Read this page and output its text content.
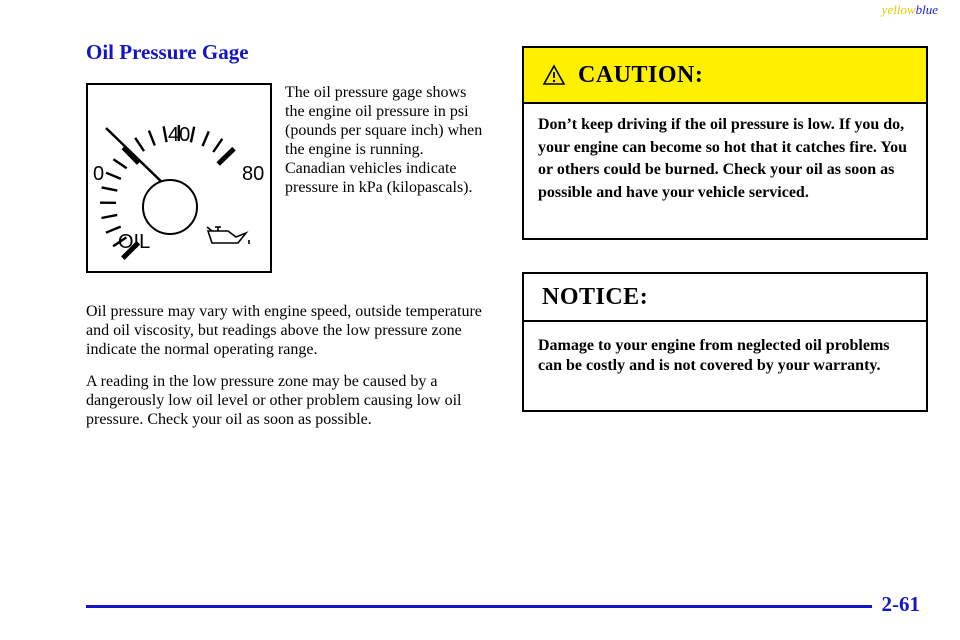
yellowblue
Oil Pressure Gage
0
40
80
OIL

The oil pressure gage shows the engine oil pressure in psi (pounds per square inch) when the engine is running. Canadian vehicles indicate pressure in kPa (kilopascals).

Oil pressure may vary with engine speed, outside temperature and oil viscosity, but readings above the low pressure zone indicate the normal operating range.

A reading in the low pressure zone may be caused by a dangerously low oil level or other problem causing low oil pressure. Check your oil as soon as possible.

CAUTION:
Don’t keep driving if the oil pressure is low. If you do, your engine can become so hot that it catches fire. You or others could be burned. Check your oil as soon as possible and have your vehicle serviced.
NOTICE:
Damage to your engine from neglected oil problems can be costly and is not covered by your warranty.
2-61
